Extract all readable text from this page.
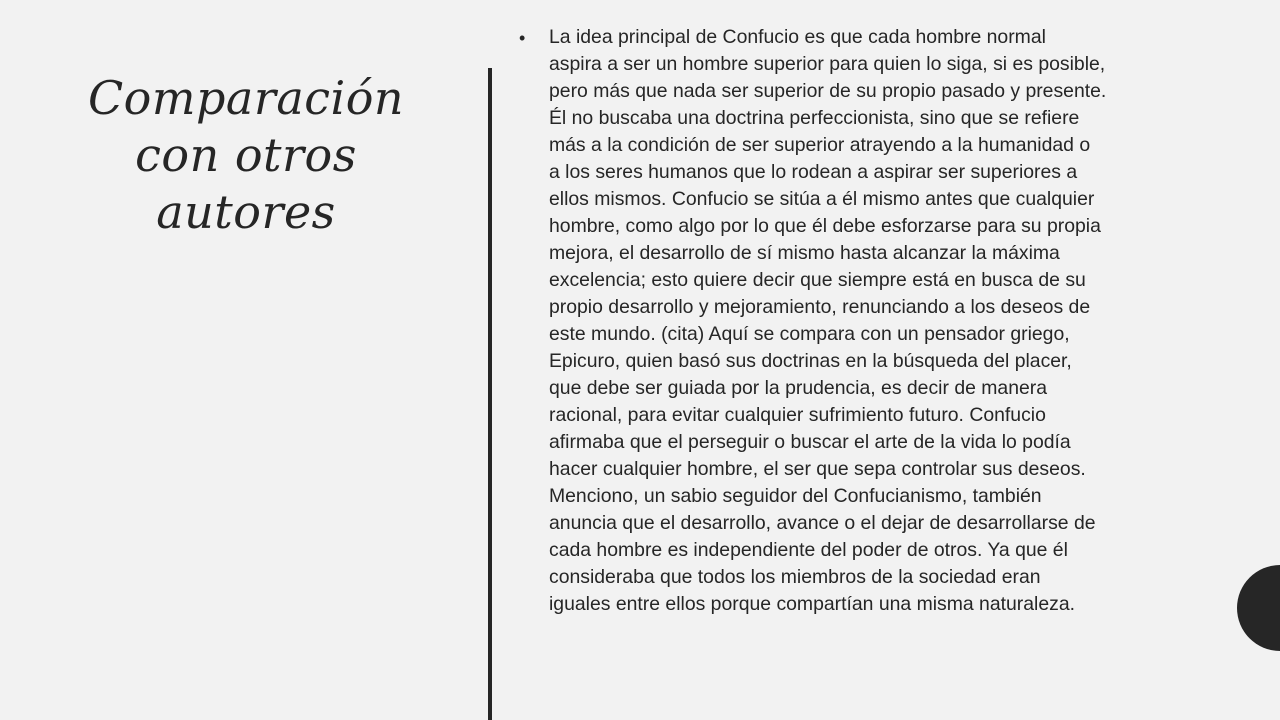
Comparación
con otros
autores
• La idea principal de Confucio es que cada hombre normal
aspira a ser un hombre superior para quien lo siga, si es posible,
pero más que nada ser superior de su propio pasado y presente.
Él no buscaba una doctrina perfeccionista, sino que se refiere
más a la condición de ser superior atrayendo a la humanidad o
a los seres humanos que lo rodean a aspirar ser superiores a
ellos mismos. Confucio se sitúa a él mismo antes que cualquier
hombre, como algo por lo que él debe esforzarse para su propia
mejora, el desarrollo de sí mismo hasta alcanzar la máxima
excelencia; esto quiere decir que siempre está en busca de su
propio desarrollo y mejoramiento, renunciando a los deseos de
este mundo. (cita) Aquí se compara con un pensador griego,
Epicuro, quien basó sus doctrinas en la búsqueda del placer,
que debe ser guiada por la prudencia, es decir de manera
racional, para evitar cualquier sufrimiento futuro. Confucio
afirmaba que el perseguir o buscar el arte de la vida lo podía
hacer cualquier hombre, el ser que sepa controlar sus deseos.
Menciono, un sabio seguidor del Confucianismo, también
anuncia que el desarrollo, avance o el dejar de desarrollarse de
cada hombre es independiente del poder de otros. Ya que él
consideraba que todos los miembros de la sociedad eran
iguales entre ellos porque compartían una misma naturaleza.
